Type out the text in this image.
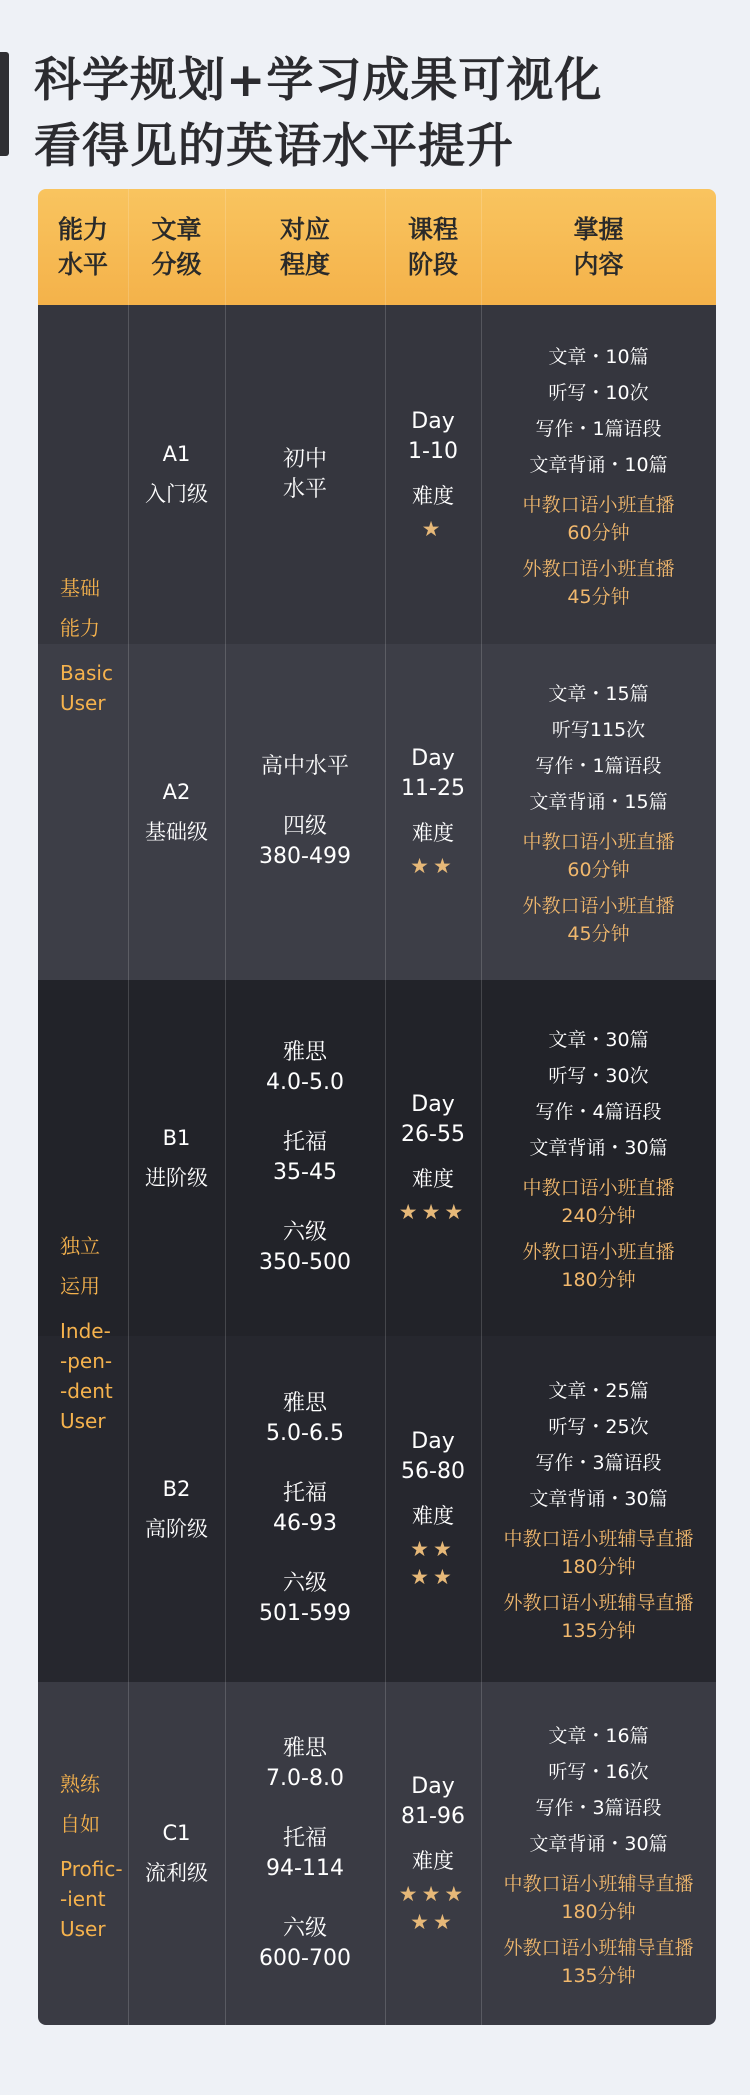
科学规划+学习成果可视化
看得见的英语水平提升
能力
水平
文章
分级
对应
程度
课程
阶段
掌握
内容
基础
能力
Basic
User
独立
运用
Inde-
-pen-
-dent
User
熟练
自如
Profic-
-ient
User
A1
入门级
初中
水平
Day
1-10
难度
★
文章・10篇
听写・10次
写作・1篇语段
文章背诵・10篇
中教口语小班直播
60分钟
外教口语小班直播
45分钟
A2
基础级
高中水平
四级
380-499
Day
11-25
难度
★★
文章・15篇
听写115次
写作・1篇语段
文章背诵・15篇
中教口语小班直播
60分钟
外教口语小班直播
45分钟
B1
进阶级
雅思
4.0-5.0
托福
35-45
六级
350-500
Day
26-55
难度
★★★
文章・30篇
听写・30次
写作・4篇语段
文章背诵・30篇
中教口语小班直播
240分钟
外教口语小班直播
180分钟
B2
高阶级
雅思
5.0-6.5
托福
46-93
六级
501-599
Day
56-80
难度
★★
★★
文章・25篇
听写・25次
写作・3篇语段
文章背诵・30篇
中教口语小班辅导直播
180分钟
外教口语小班辅导直播
135分钟
C1
流利级
雅思
7.0-8.0
托福
94-114
六级
600-700
Day
81-96
难度
★★★
★★
文章・16篇
听写・16次
写作・3篇语段
文章背诵・30篇
中教口语小班辅导直播
180分钟
外教口语小班辅导直播
135分钟
